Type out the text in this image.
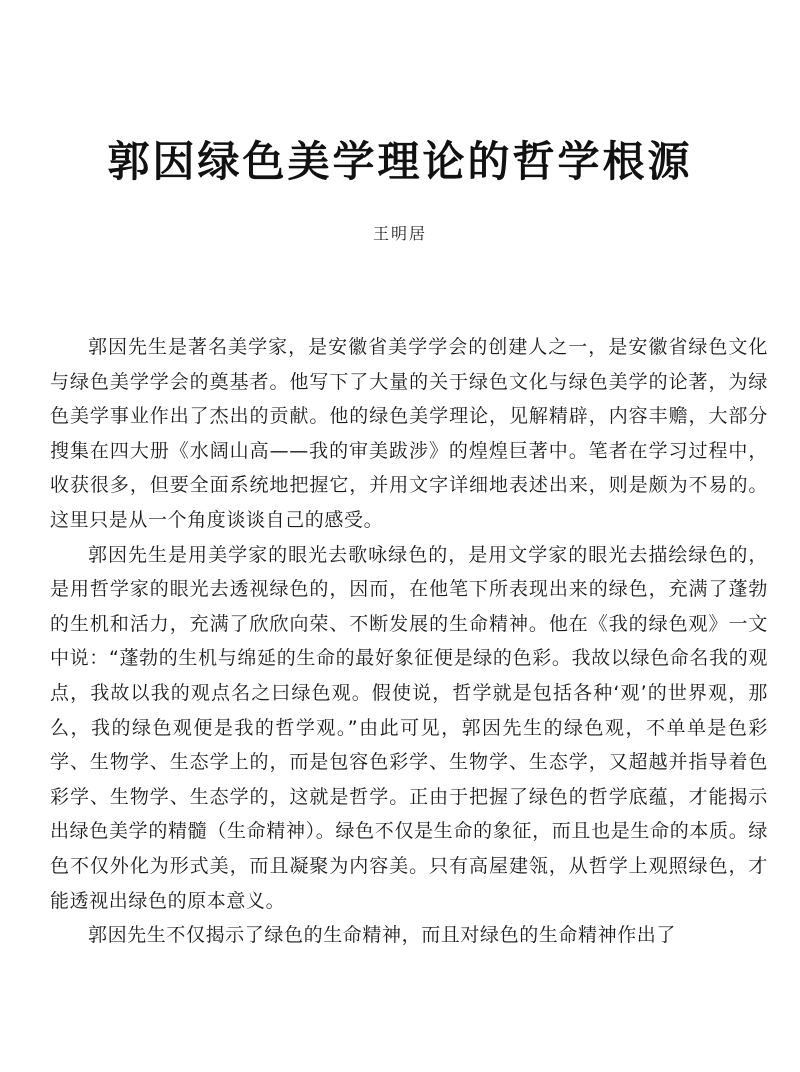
郭因绿色美学理论的哲学根源
王明居

郭因先生是著名美学家，是安徽省美学学会的创建人之一，是安徽省绿色文化与绿色美学学会的奠基者。他写下了大量的关于绿色文化与绿色美学的论著，为绿色美学事业作出了杰出的贡献。他的绿色美学理论，见解精辟，内容丰赡，大部分搜集在四大册《水阔山高——我的审美跋涉》的煌煌巨著中。笔者在学习过程中，收获很多，但要全面系统地把握它，并用文字详细地表述出来，则是颇为不易的。这里只是从一个角度谈谈自己的感受。

郭因先生是用美学家的眼光去歌咏绿色的，是用文学家的眼光去描绘绿色的，是用哲学家的眼光去透视绿色的，因而，在他笔下所表现出来的绿色，充满了蓬勃的生机和活力，充满了欣欣向荣、不断发展的生命精神。他在《我的绿色观》一文中说：“蓬勃的生机与绵延的生命的最好象征便是绿的色彩。我故以绿色命名我的观点，我故以我的观点名之曰绿色观。假使说，哲学就是包括各种‘观’的世界观，那么，我的绿色观便是我的哲学观。”由此可见，郭因先生的绿色观，不单单是色彩学、生物学、生态学上的，而是包容色彩学、生物学、生态学，又超越并指导着色彩学、生物学、生态学的，这就是哲学。正由于把握了绿色的哲学底蕴，才能揭示出绿色美学的精髓（生命精神）。绿色不仅是生命的象征，而且也是生命的本质。绿色不仅外化为形式美，而且凝聚为内容美。只有高屋建瓴，从哲学上观照绿色，才能透视出绿色的原本意义。

郭因先生不仅揭示了绿色的生命精神，而且对绿色的生命精神作出了
